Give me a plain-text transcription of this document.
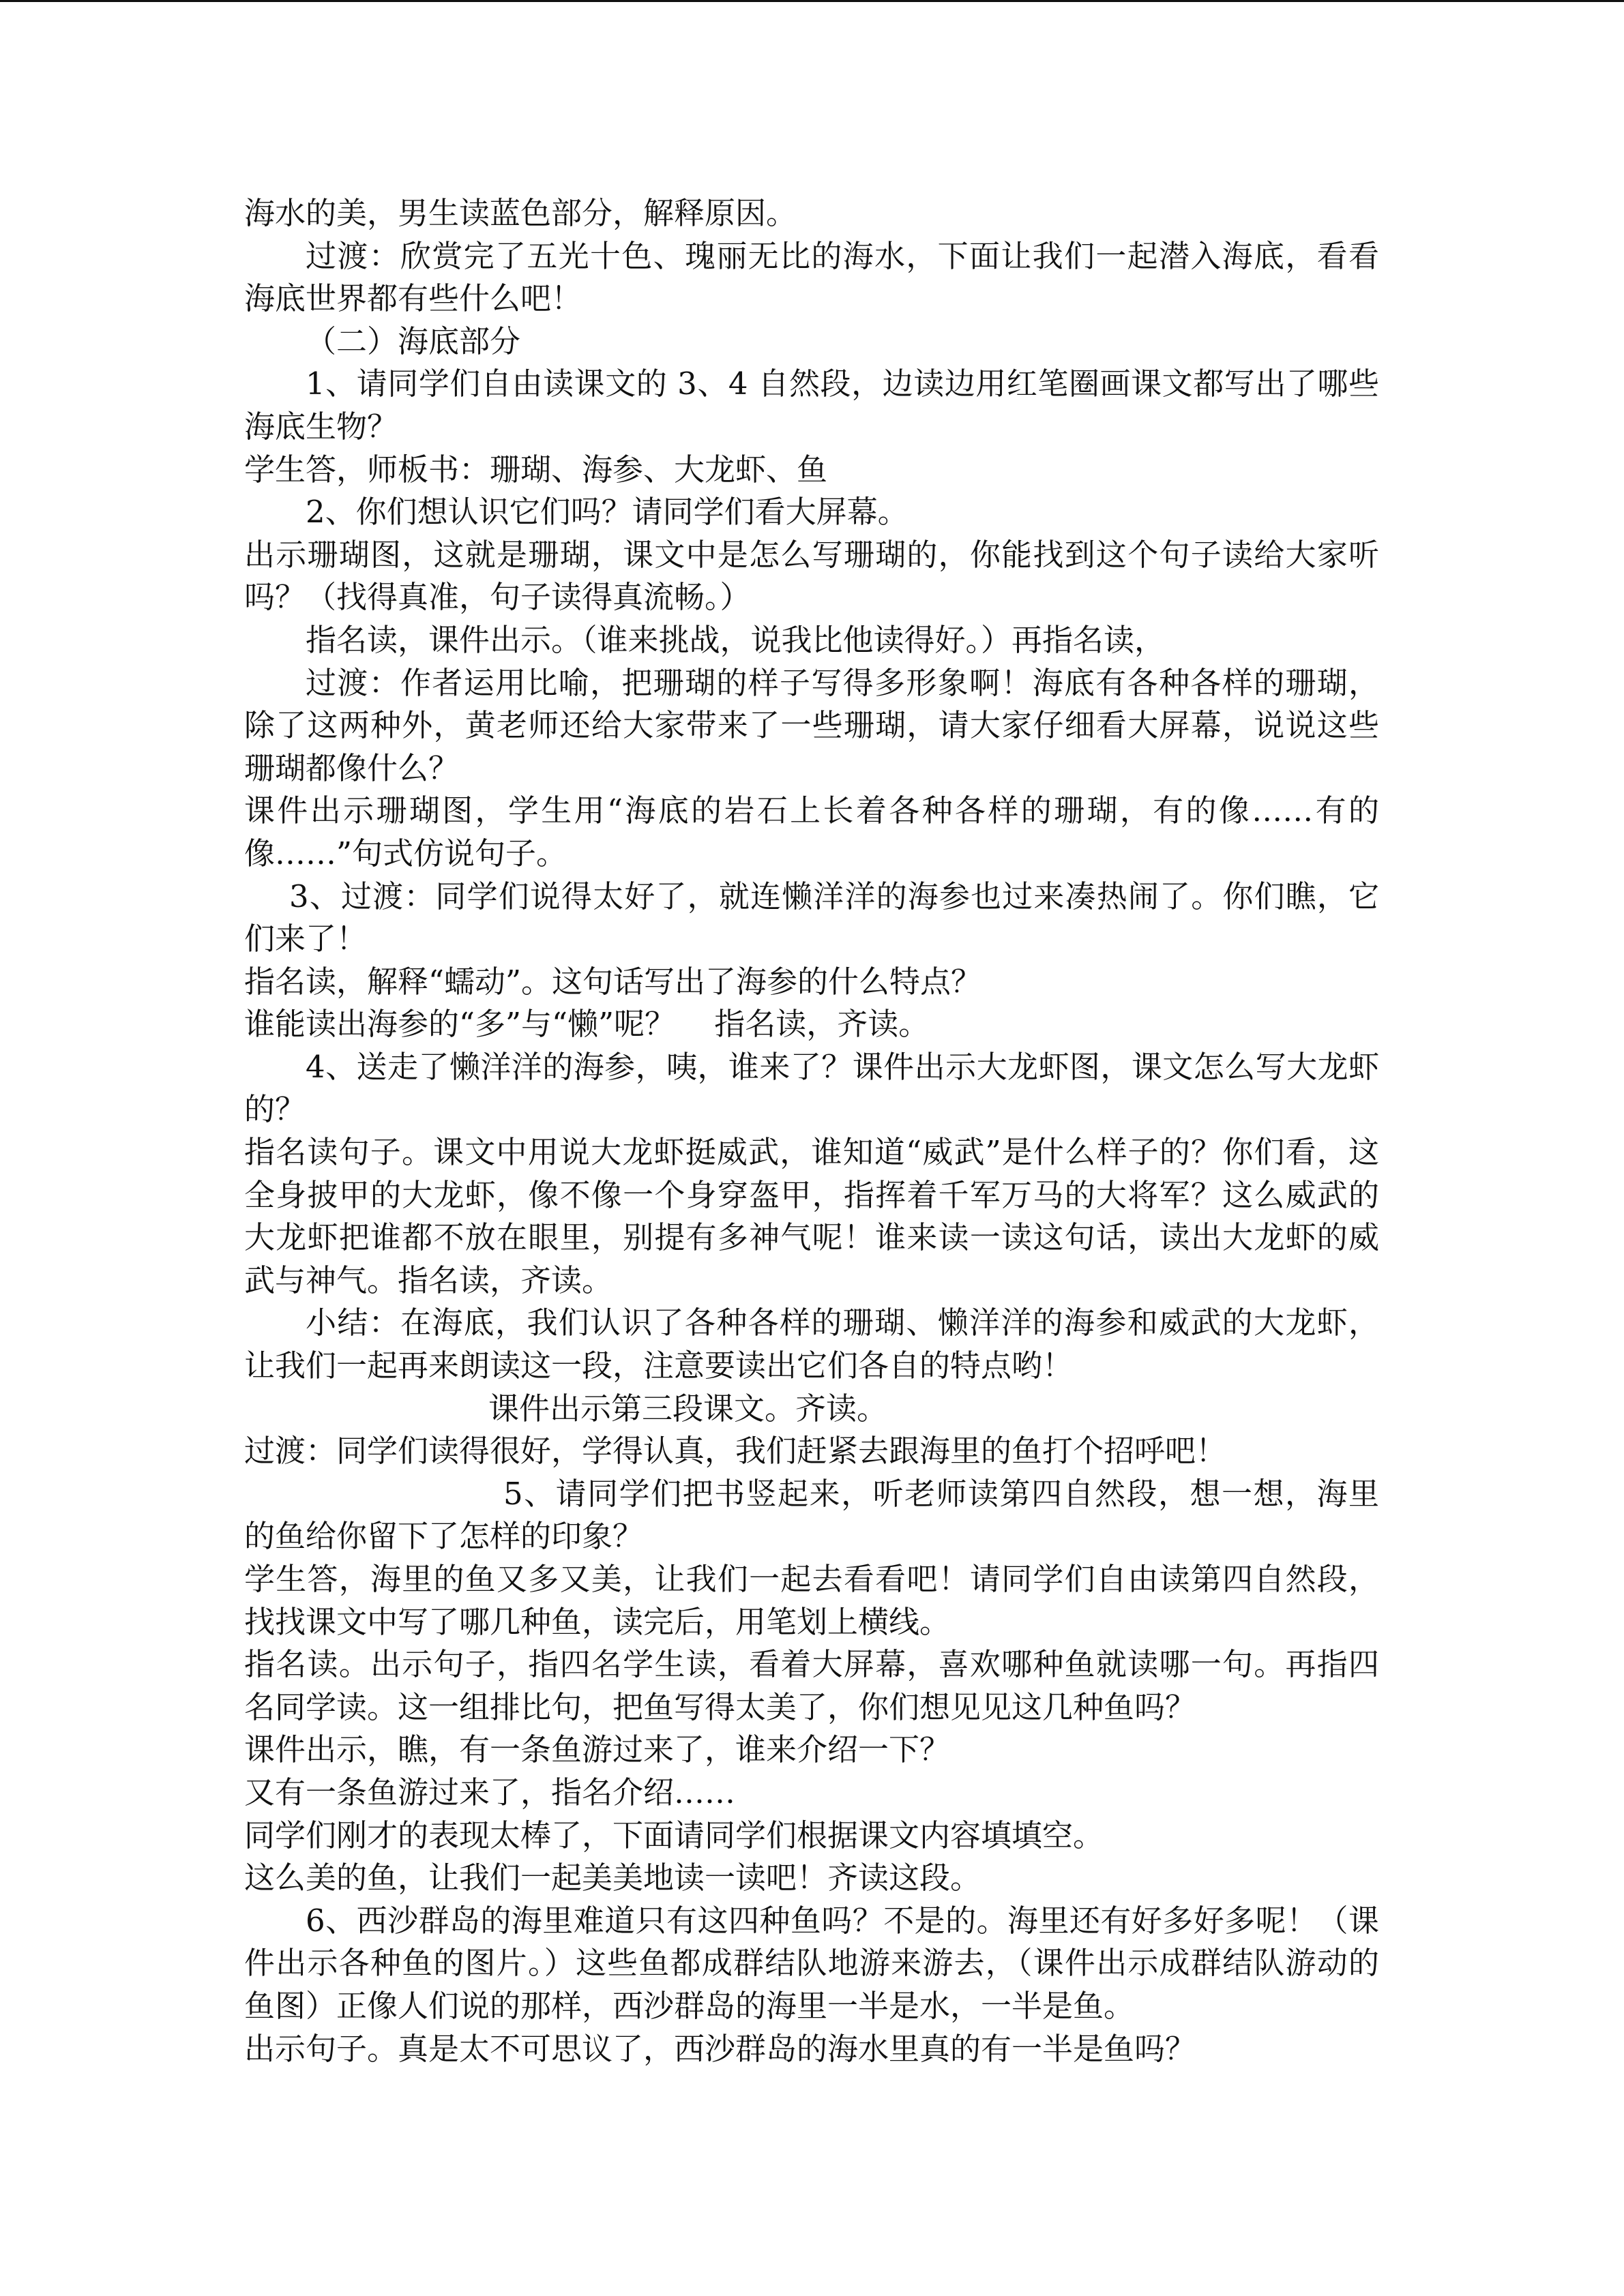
海水的美，男生读蓝色部分，解释原因。

过渡：欣赏完了五光十色、瑰丽无比的海水，下面让我们一起潜入海底，看看海底世界都有些什么吧！

（二）海底部分

1、请同学们自由读课文的 3、4 自然段，边读边用红笔圈画课文都写出了哪些海底生物？

学生答，师板书：珊瑚、海参、大龙虾、鱼

2、你们想认识它们吗？请同学们看大屏幕。

出示珊瑚图，这就是珊瑚，课文中是怎么写珊瑚的，你能找到这个句子读给大家听吗？（找得真准，句子读得真流畅。）

指名读，课件出示。（谁来挑战，说我比他读得好。）再指名读，

过渡：作者运用比喻，把珊瑚的样子写得多形象啊！海底有各种各样的珊瑚，除了这两种外，黄老师还给大家带来了一些珊瑚，请大家仔细看大屏幕，说说这些珊瑚都像什么？

课件出示珊瑚图，学生用“海底的岩石上长着各种各样的珊瑚，有的像……有的像……”句式仿说句子。

3、过渡：同学们说得太好了，就连懒洋洋的海参也过来凑热闹了。你们瞧，它们来了！

指名读，解释“蠕动”。这句话写出了海参的什么特点？

谁能读出海参的“多”与“懒”呢？    指名读，齐读。

4、送走了懒洋洋的海参，咦，谁来了？课件出示大龙虾图，课文怎么写大龙虾的？

指名读句子。课文中用说大龙虾挺威武，谁知道“威武”是什么样子的？你们看，这全身披甲的大龙虾，像不像一个身穿盔甲，指挥着千军万马的大将军？这么威武的大龙虾把谁都不放在眼里，别提有多神气呢！谁来读一读这句话，读出大龙虾的威武与神气。指名读，齐读。

小结：在海底，我们认识了各种各样的珊瑚、懒洋洋的海参和威武的大龙虾，让我们一起再来朗读这一段，注意要读出它们各自的特点哟！

课件出示第三段课文。齐读。

过渡：同学们读得很好，学得认真，我们赶紧去跟海里的鱼打个招呼吧！

5、请同学们把书竖起来，听老师读第四自然段，想一想，海里的鱼给你留下了怎样的印象？

学生答，海里的鱼又多又美，让我们一起去看看吧！请同学们自由读第四自然段，找找课文中写了哪几种鱼，读完后，用笔划上横线。

指名读。出示句子，指四名学生读，看着大屏幕，喜欢哪种鱼就读哪一句。再指四名同学读。这一组排比句，把鱼写得太美了，你们想见见这几种鱼吗？

课件出示，瞧，有一条鱼游过来了，谁来介绍一下？

又有一条鱼游过来了，指名介绍……

同学们刚才的表现太棒了，下面请同学们根据课文内容填填空。

这么美的鱼，让我们一起美美地读一读吧！齐读这段。

6、西沙群岛的海里难道只有这四种鱼吗？不是的。海里还有好多好多呢！（课件出示各种鱼的图片。）这些鱼都成群结队地游来游去，（课件出示成群结队游动的鱼图）正像人们说的那样，西沙群岛的海里一半是水，一半是鱼。

出示句子。真是太不可思议了，西沙群岛的海水里真的有一半是鱼吗？
